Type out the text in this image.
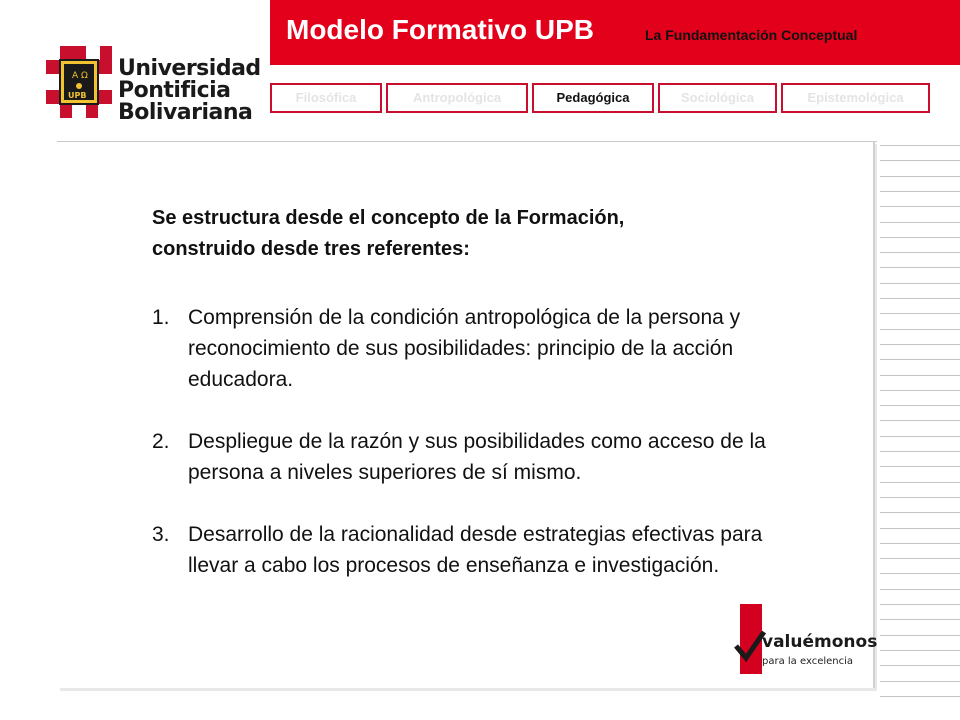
Modelo Formativo UPB	La Fundamentación Conceptual
A Ω
UPB
Universidad
Pontificia
Bolivariana
Filosófica	Antropológica	Pedagógica	Sociológica	Epistemológica
Se estructura desde el concepto de la Formación,
construido desde tres referentes:
1. Comprensión de la condición antropológica de la persona y reconocimiento de sus posibilidades: principio de la acción educadora.
2. Despliegue de la razón y sus posibilidades como acceso de la persona a niveles superiores de sí mismo.
3. Desarrollo de la racionalidad desde estrategias efectivas para llevar a cabo los procesos de enseñanza e investigación.
valuémonos
para la excelencia
